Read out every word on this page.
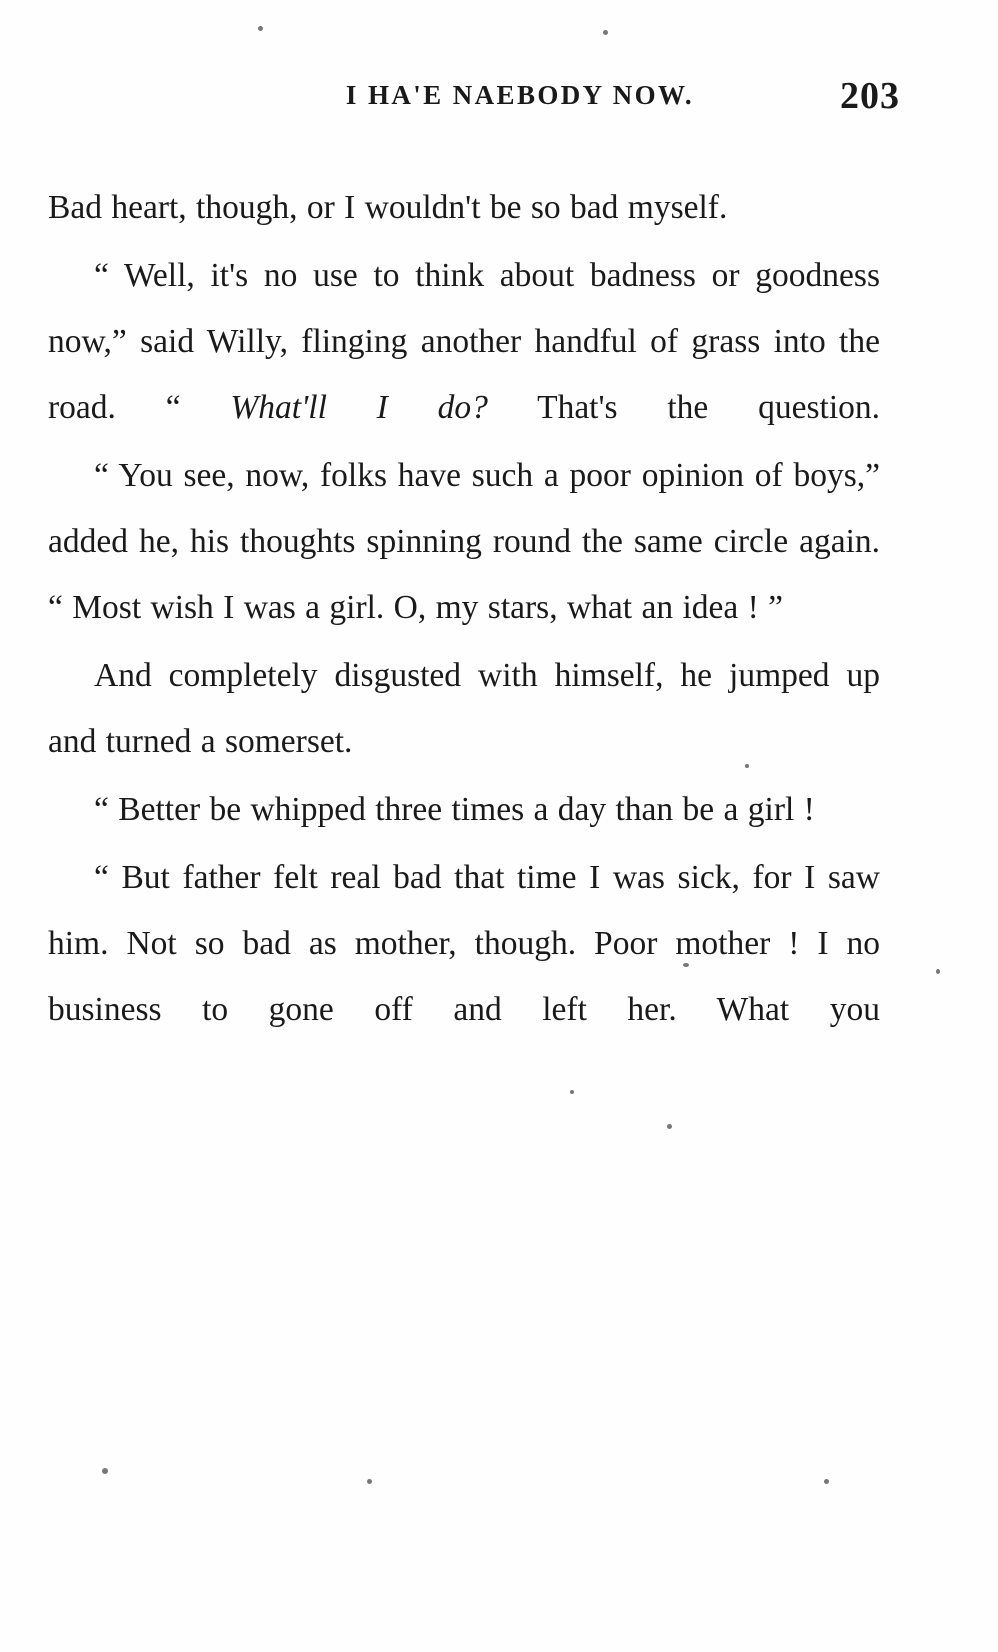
I HA'E NAEBODY NOW.	203

Bad heart, though, or I wouldn't be so bad myself.

“ Well, it's no use to think about badness or goodness now,” said Willy, flinging another handful of grass into the road. “ What'll I do? That's the question.

“ You see, now, folks have such a poor opinion of boys,” added he, his thoughts spinning round the same circle again. “ Most wish I was a girl. O, my stars, what an idea ! ”

And completely disgusted with himself, he jumped up and turned a somerset.

“ Better be whipped three times a day than be a girl !

“ But father felt real bad that time I was sick, for I saw him. Not so bad as mother, though. Poor mother ! I no business to gone off and left her. What you
